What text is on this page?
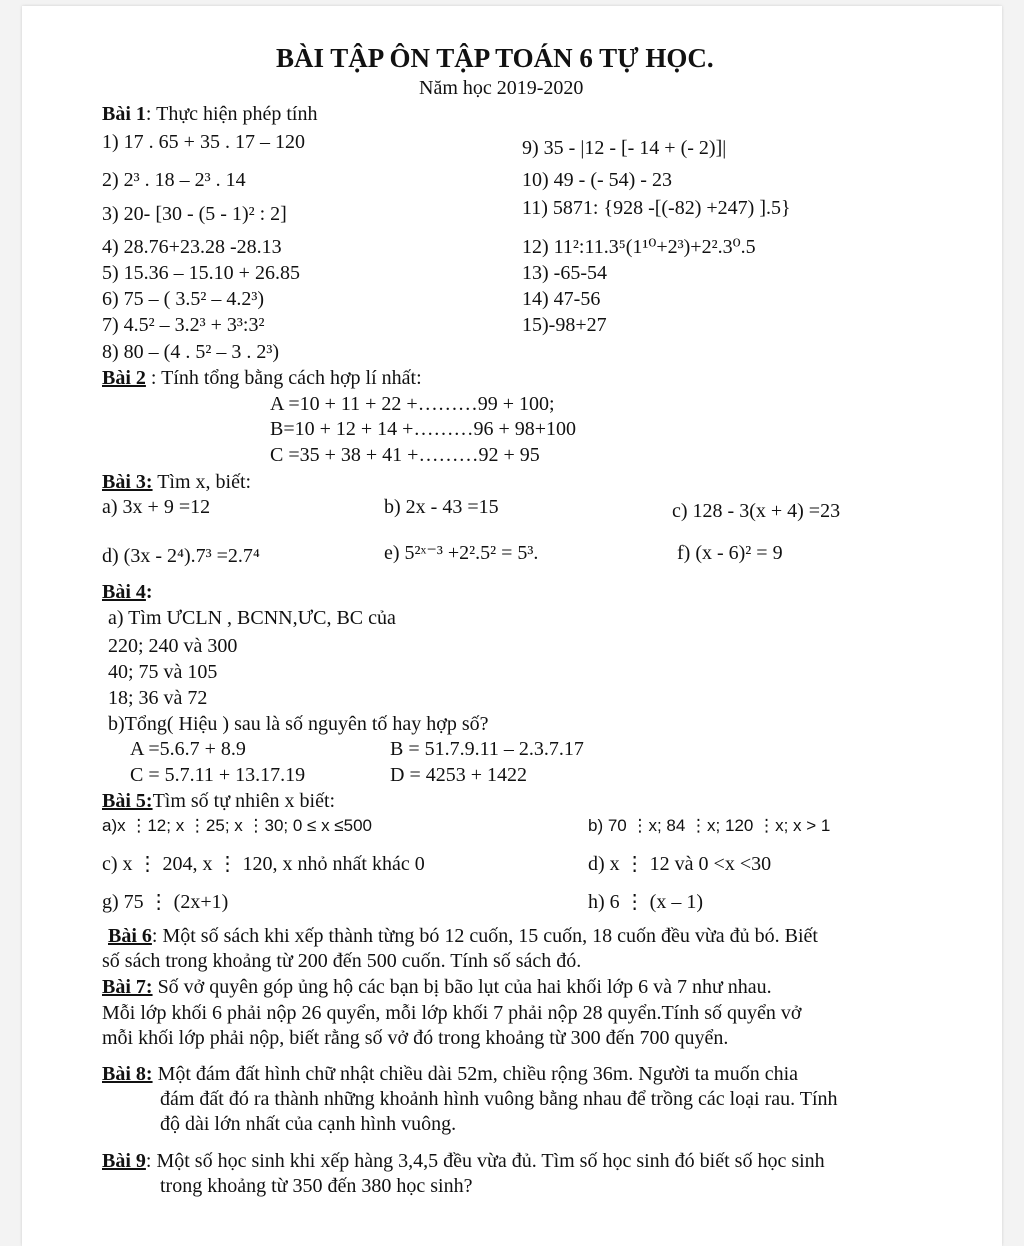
BÀI TẬP ÔN TẬP TOÁN 6 TỰ HỌC.
Năm học 2019-2020
Bài 1: Thực hiện phép tính
1) 17 . 65 + 35 . 17 – 120
2) 2³ . 18 – 2³ . 14
3) 20- [30 - (5 - 1)² : 2]
4) 28.76+23.28 -28.13
5) 15.36 – 15.10 + 26.85
6) 75 – ( 3.5² – 4.2³)
7) 4.5² – 3.2³ + 3³:3²
8) 80 – (4 . 5² – 3 . 2³)
9) 35 - |12 - [- 14 + (- 2)]|
10) 49 - (- 54) - 23
11) 5871: {928 -[(-82) +247) ].5}
12) 11²:11.3⁵(1¹⁰+2³)+2².3⁰.5
13) -65-54
14) 47-56
15)-98+27
Bài 2 : Tính tổng bằng cách hợp lí nhất:
A =10 + 11 + 22 +………99 + 100;
B=10 + 12 + 14 +………96 + 98+100
C =35 + 38 + 41 +………92 + 95
Bài 3: Tìm x, biết:
a) 3x + 9 =12	b) 2x - 43 =15	c) 128 - 3(x + 4) =23
d) (3x - 2⁴).7³ =2.7⁴	e) 5²ˣ⁻³ +2².5² = 5³.	f) (x - 6)² = 9
Bài 4:
a) Tìm ƯCLN , BCNN,ƯC, BC của
220; 240 và 300
40; 75 và 105
18; 36 và 72
b)Tổng( Hiệu ) sau là số nguyên tố hay hợp số?
A =5.6.7 + 8.9	B = 51.7.9.11 – 2.3.7.17
C = 5.7.11 + 13.17.19	D = 4253 + 1422
Bài 5:Tìm số tự nhiên x biết:
a)x ⋮12; x ⋮25; x ⋮30; 0 ≤ x ≤500	b) 70 ⋮x; 84 ⋮x; 120 ⋮x; x > 1
c) x ⋮ 204, x ⋮ 120, x nhỏ nhất khác 0	d) x ⋮ 12 và 0 <x <30
g) 75 ⋮ (2x+1)	h) 6 ⋮ (x – 1)
Bài 6: Một số sách khi xếp thành từng bó 12 cuốn, 15 cuốn, 18 cuốn đều vừa đủ bó. Biết
số sách trong khoảng từ 200 đến 500 cuốn. Tính số sách đó.
Bài 7: Số vở quyên góp ủng hộ các bạn bị bão lụt của hai khối lớp 6 và 7 như nhau.
Mỗi lớp khối 6 phải nộp 26 quyển, mỗi lớp khối 7 phải nộp 28 quyển.Tính số quyển vở
mỗi khối lớp phải nộp, biết rằng số vở đó trong khoảng từ 300 đến 700 quyển.
Bài 8: Một đám đất hình chữ nhật chiều dài 52m, chiều rộng 36m. Người ta muốn chia
đám đất đó ra thành những khoảnh hình vuông bằng nhau để trồng các loại rau. Tính
độ dài lớn nhất của cạnh hình vuông.
Bài 9: Một số học sinh khi xếp hàng 3,4,5 đều vừa đủ. Tìm số học sinh đó biết số học sinh
trong khoảng từ 350 đến 380 học sinh?
